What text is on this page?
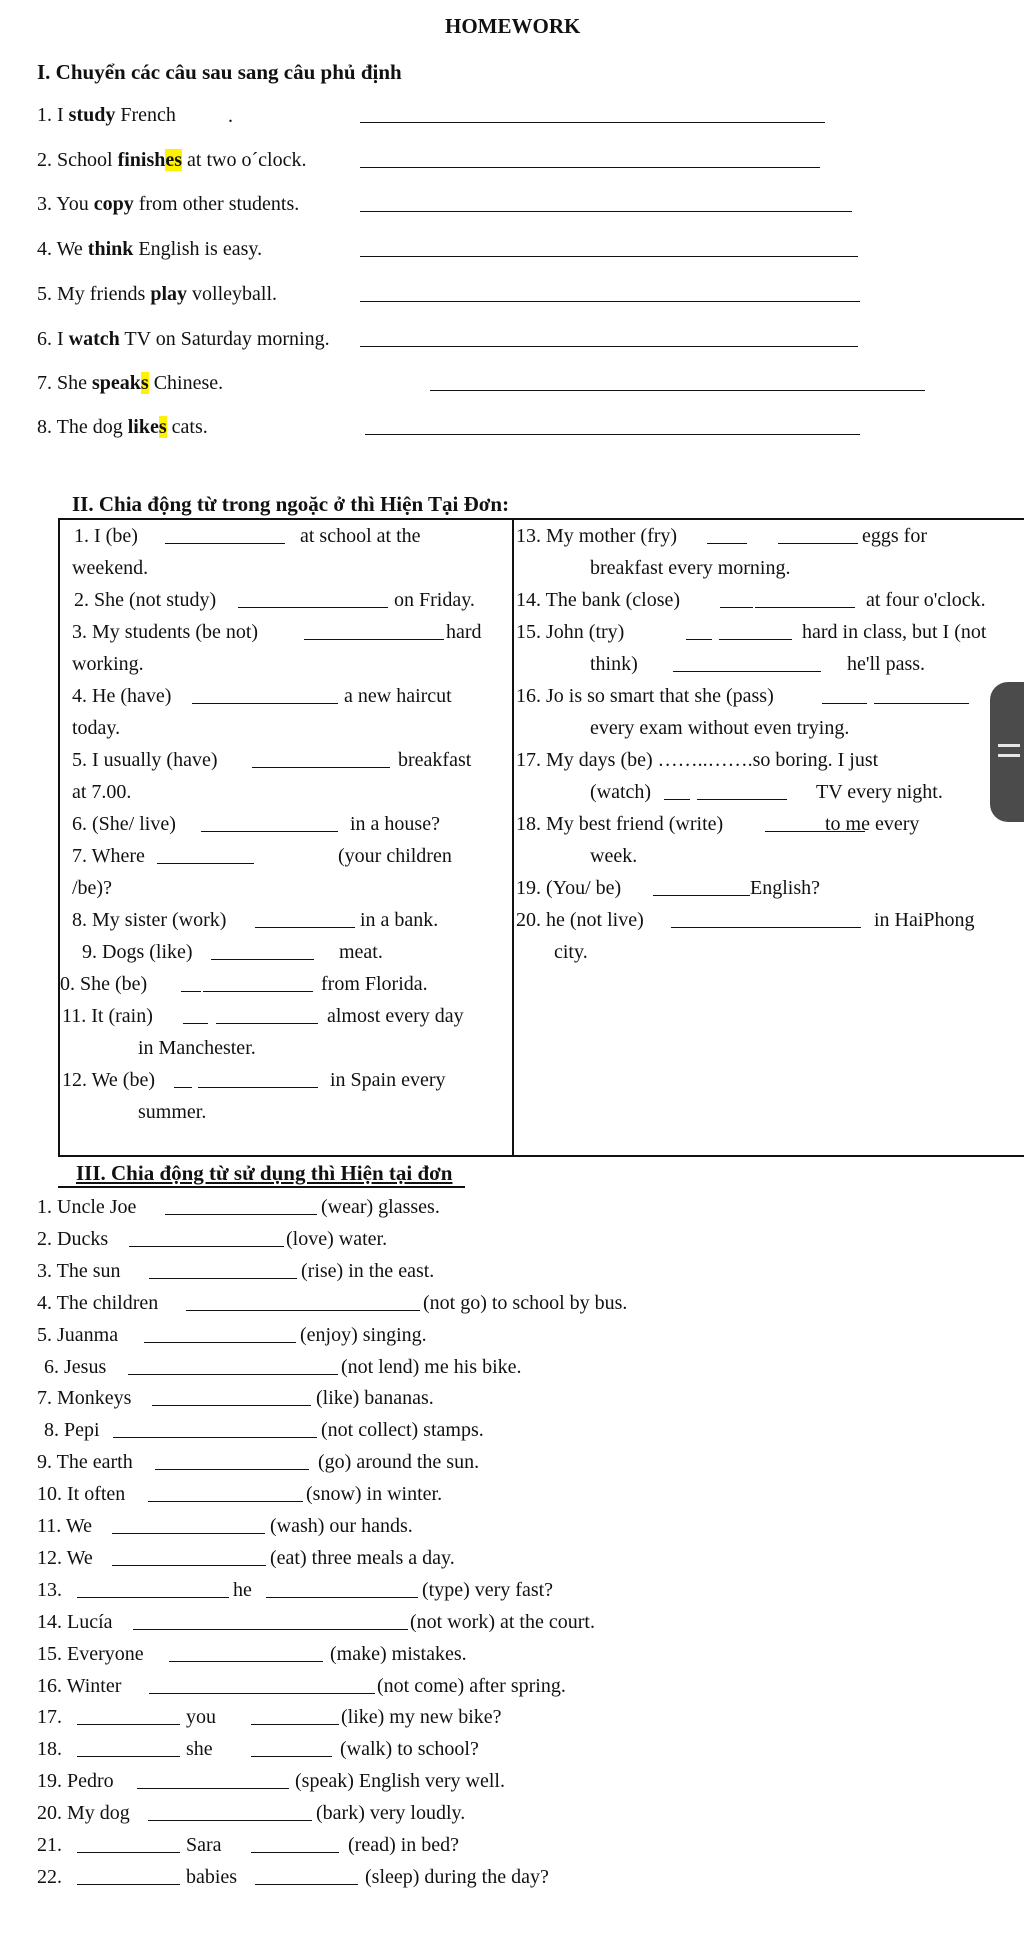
HOMEWORK
I. Chuyển các câu sau sang câu phủ định
1. I study French	.
2. School finishes at two o´clock.
3. You copy from other students.
4. We think English is easy.
5. My friends play volleyball.
6. I watch TV on Saturday morning.
7. She speaks Chinese.
8. The dog likes cats.
II. Chia động từ trong ngoặc ở thì Hiện Tại Đơn:
1. I (be)	at school at the
weekend.
2. She (not study)	on Friday.
3. My students (be not)	hard
working.
4. He (have)	a new haircut
today.
5. I usually (have)	breakfast
at 7.00.
6. (She/ live)	in a house?
7. Where	(your children
/be)?
8. My sister (work)	in a bank.
9. Dogs (like)	meat.
0. She (be)	from Florida.
11. It (rain)	almost every day
in Manchester.
12. We (be)	in Spain every
summer.
13. My mother (fry)	eggs for
breakfast every morning.
14. The bank (close)	at four o'clock.
15. John (try)	hard in class, but I (not
think)	he'll pass.
16. Jo is so smart that she (pass)
every exam without even trying.
17. My days (be) ……..…….so boring. I just
(watch)	TV every night.
18. My best friend (write)	to me every
week.
19. (You/ be)	English?
20. he (not live)	in HaiPhong
city.
III. Chia động từ sử dụng thì Hiện tại đơn
1. Uncle Joe	(wear) glasses.
2. Ducks	(love) water.
3. The sun	(rise) in the east.
4. The children	(not go) to school by bus.
5. Juanma	(enjoy) singing.
6. Jesus	(not lend) me his bike.
7. Monkeys	(like) bananas.
8. Pepi	(not collect) stamps.
9. The earth	(go) around the sun.
10. It often	(snow) in winter.
11. We	(wash) our hands.
12. We	(eat) three meals a day.
13.	he	(type) very fast?
14. Lucía	(not work) at the court.
15. Everyone	(make) mistakes.
16. Winter	(not come) after spring.
17.	you	(like) my new bike?
18.	she	(walk) to school?
19. Pedro	(speak) English very well.
20. My dog	(bark) very loudly.
21.	Sara	(read) in bed?
22.	babies	(sleep) during the day?
